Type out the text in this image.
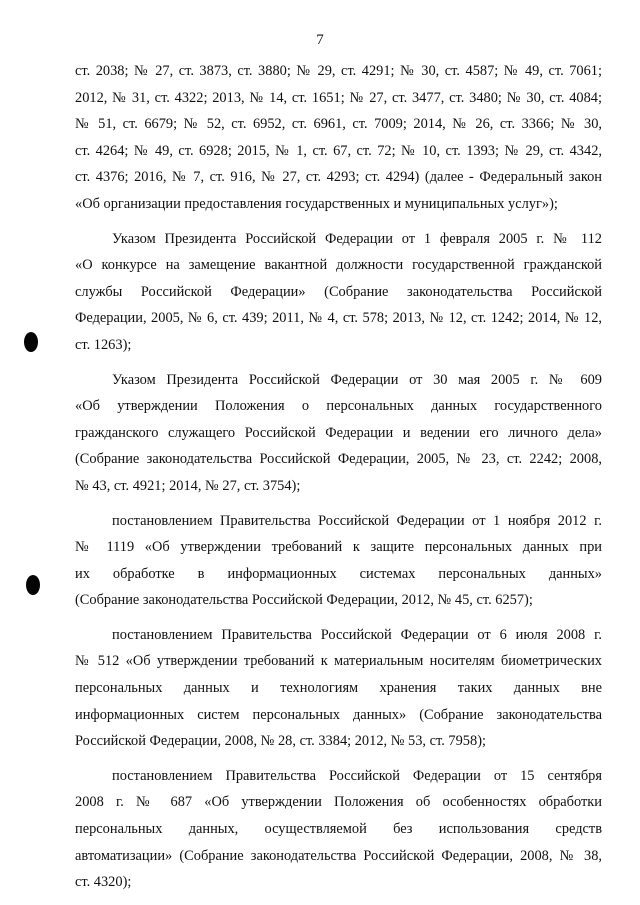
7

ст. 2038; № 27, ст. 3873, ст. 3880; № 29, ст. 4291; № 30, ст. 4587; № 49, ст. 7061;
2012, № 31, ст. 4322; 2013, № 14, ст. 1651; № 27, ст. 3477, ст. 3480; № 30, ст. 4084;
№ 51, ст. 6679; № 52, ст. 6952, ст. 6961, ст. 7009; 2014, № 26, ст. 3366; № 30,
ст. 4264; № 49, ст. 6928; 2015, № 1, ст. 67, ст. 72; № 10, ст. 1393; № 29, ст. 4342,
ст. 4376; 2016, № 7, ст. 916, № 27, ст. 4293; ст. 4294) (далее - Федеральный закон
«Об организации предоставления государственных и муниципальных услуг»);

Указом Президента Российской Федерации от 1 февраля 2005 г. № 112
«О конкурсе на замещение вакантной должности государственной гражданской
службы Российской Федерации» (Собрание законодательства Российской
Федерации, 2005, № 6, ст. 439; 2011, № 4, ст. 578; 2013, № 12, ст. 1242; 2014, № 12,
ст. 1263);

Указом Президента Российской Федерации от 30 мая 2005 г. № 609
«Об утверждении Положения о персональных данных государственного
гражданского служащего Российской Федерации и ведении его личного дела»
(Собрание законодательства Российской Федерации, 2005, № 23, ст. 2242; 2008,
№ 43, ст. 4921; 2014, № 27, ст. 3754);

постановлением Правительства Российской Федерации от 1 ноября 2012 г.
№ 1119 «Об утверждении требований к защите персональных данных при
их обработке в информационных системах персональных данных»
(Собрание законодательства Российской Федерации, 2012, № 45, ст. 6257);

постановлением Правительства Российской Федерации от 6 июля 2008 г.
№ 512 «Об утверждении требований к материальным носителям биометрических
персональных данных и технологиям хранения таких данных вне
информационных систем персональных данных» (Собрание законодательства
Российской Федерации, 2008, № 28, ст. 3384; 2012, № 53, ст. 7958);

постановлением Правительства Российской Федерации от 15 сентября
2008 г. № 687 «Об утверждении Положения об особенностях обработки
персональных данных, осуществляемой без использования средств
автоматизации» (Собрание законодательства Российской Федерации, 2008, № 38,
ст. 4320);
